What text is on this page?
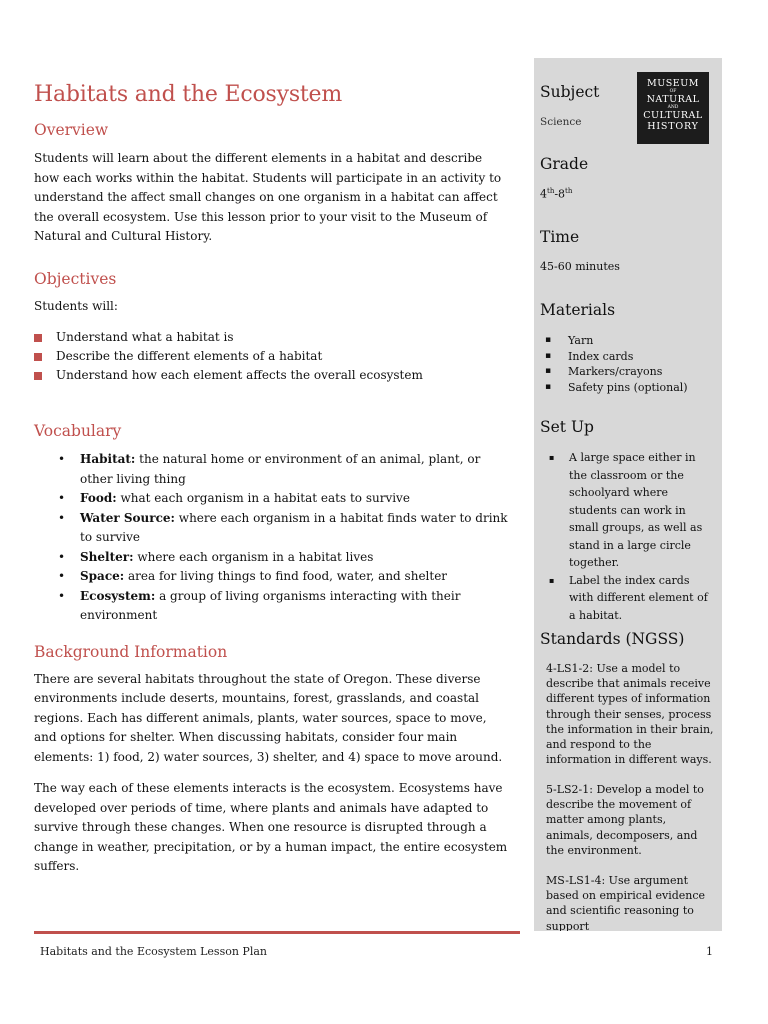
Habitats and the Ecosystem
Overview

Students will learn about the different elements in a habitat and describe how each works within the habitat. Students will participate in an activity to understand the affect small changes on one organism in a habitat can affect the overall ecosystem. Use this lesson prior to your visit to the Museum of Natural and Cultural History.

Objectives

Students will:

Understand what a habitat is
Describe the different elements of a habitat
Understand how each element affects the overall ecosystem
Vocabulary
• Habitat: the natural home or environment of an animal, plant, or other living thing
• Food: what each organism in a habitat eats to survive
• Water Source: where each organism in a habitat finds water to drink to survive
• Shelter: where each organism in a habitat lives
• Space: area for living things to find food, water, and shelter
• Ecosystem: a group of living organisms interacting with their environment
Background Information

There are several habitats throughout the state of Oregon. These diverse environments include deserts, mountains, forest, grasslands, and coastal regions. Each has different animals, plants, water sources, space to move, and options for shelter. When discussing habitats, consider four main elements: 1) food, 2) water sources, 3) shelter, and 4) space to move around.

The way each of these elements interacts is the ecosystem. Ecosystems have developed over periods of time, where plants and animals have adapted to survive through these changes. When one resource is disrupted through a change in weather, precipitation, or by a human impact, the entire ecosystem suffers.

Habitats and the Ecosystem Lesson Plan	1
Subject
Science
Grade
4th-8th
Time
45-60 minutes
Materials
▪ Yarn
▪ Index cards
▪ Markers/crayons
▪ Safety pins (optional)
Set Up
▪ A large space either in the classroom or the schoolyard where students can work in small groups, as well as stand in a large circle together.
▪ Label the index cards with different element of a habitat.
Standards (NGSS)
4-LS1-2: Use a model to describe that animals receive different types of information through their senses, process the information in their brain, and respond to the information in different ways.
5-LS2-1: Develop a model to describe the movement of matter among plants, animals, decomposers, and the environment.
MS-LS1-4: Use argument based on empirical evidence and scientific reasoning to support
MUSEUM
OF
NATURAL
AND
CULTURAL
HISTORY
